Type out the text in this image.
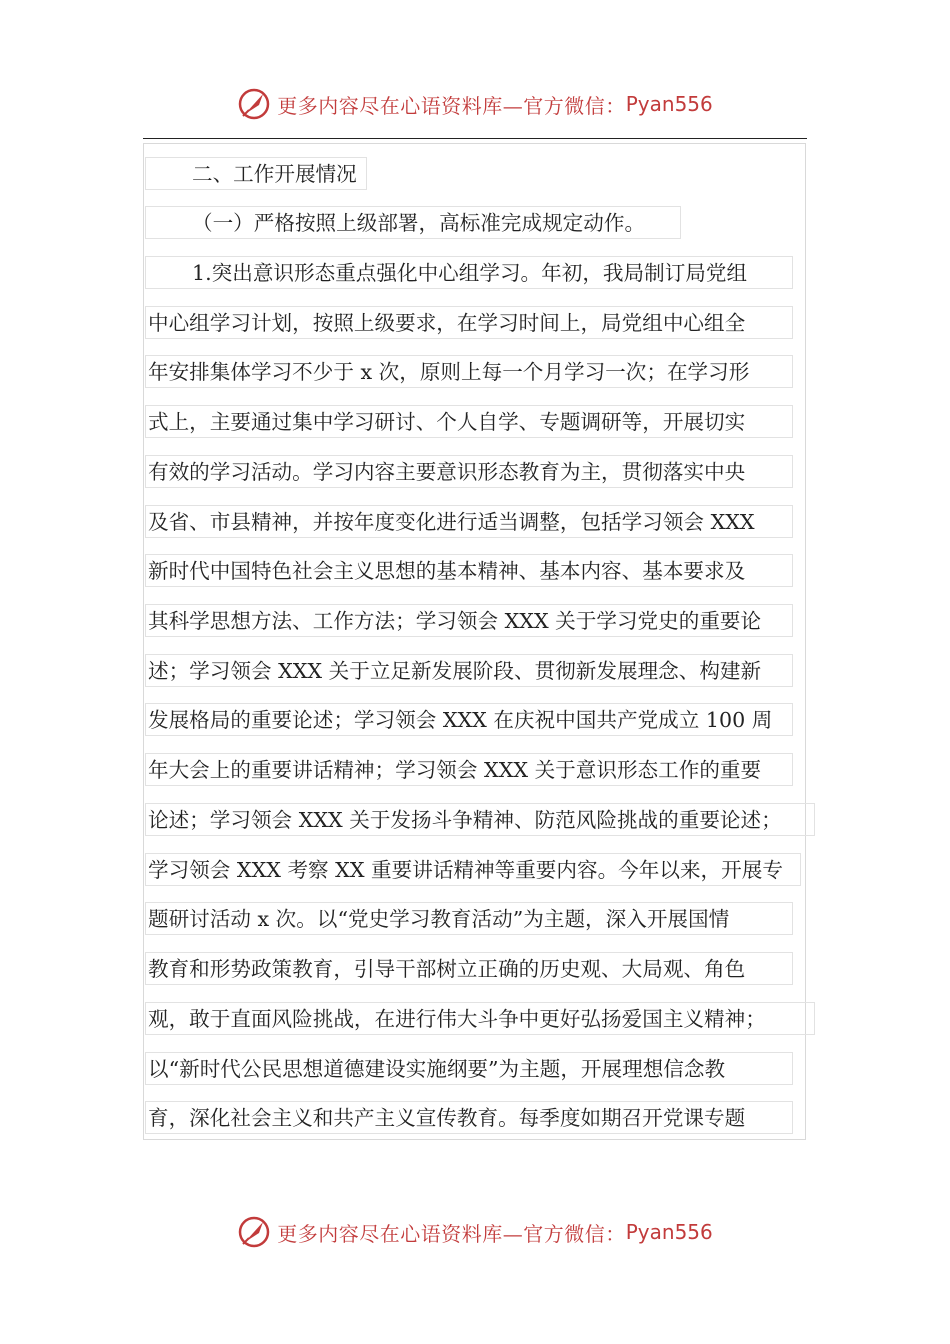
更多内容尽在心语资料库—官方微信： Pyan556
二、工作开展情况
（一）严格按照上级部署，高标准完成规定动作。
1.突出意识形态重点强化中心组学习。年初，我局制订局党组
中心组学习计划，按照上级要求，在学习时间上，局党组中心组全
年安排集体学习不少于 x 次，原则上每一个月学习一次；在学习形
式上，主要通过集中学习研讨、个人自学、专题调研等，开展切实
有效的学习活动。学习内容主要意识形态教育为主，贯彻落实中央
及省、市县精神，并按年度变化进行适当调整，包括学习领会 XXX
新时代中国特色社会主义思想的基本精神、基本内容、基本要求及
其科学思想方法、工作方法；学习领会 XXX 关于学习党史的重要论
述；学习领会 XXX 关于立足新发展阶段、贯彻新发展理念、构建新
发展格局的重要论述；学习领会 XXX 在庆祝中国共产党成立 100 周
年大会上的重要讲话精神；学习领会 XXX 关于意识形态工作的重要
论述；学习领会 XXX 关于发扬斗争精神、防范风险挑战的重要论述；
学习领会 XXX 考察 XX 重要讲话精神等重要内容。今年以来，开展专
题研讨活动 x 次。以“党史学习教育活动”为主题，深入开展国情
教育和形势政策教育，引导干部树立正确的历史观、大局观、角色
观，敢于直面风险挑战，在进行伟大斗争中更好弘扬爱国主义精神；
以“新时代公民思想道德建设实施纲要”为主题，开展理想信念教
育，深化社会主义和共产主义宣传教育。每季度如期召开党课专题
更多内容尽在心语资料库—官方微信： Pyan556
